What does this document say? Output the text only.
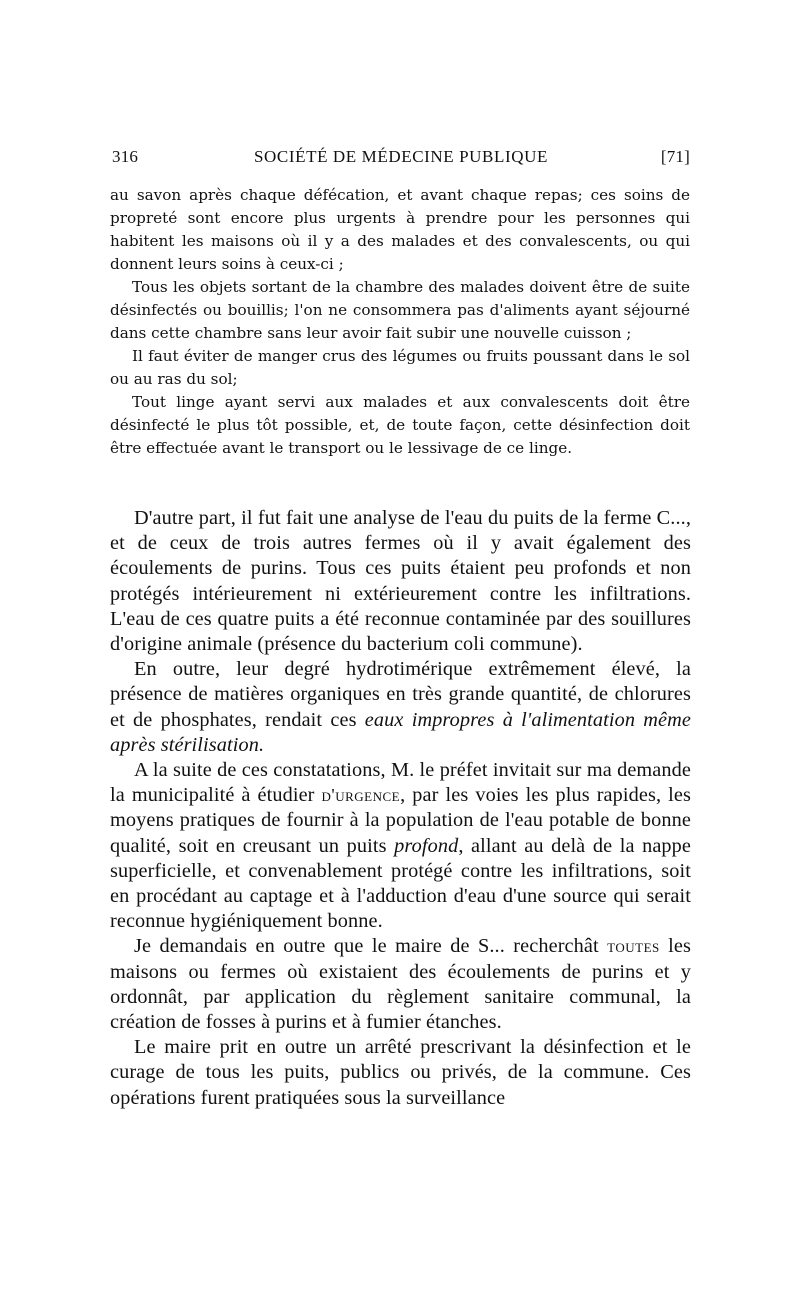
316	SOCIÉTÉ DE MÉDECINE PUBLIQUE	[71]

au savon après chaque défécation, et avant chaque repas; ces soins de propreté sont encore plus urgents à prendre pour les personnes qui habitent les maisons où il y a des malades et des convalescents, ou qui donnent leurs soins à ceux-ci ;

Tous les objets sortant de la chambre des malades doivent être de suite désinfectés ou bouillis; l'on ne consommera pas d'aliments ayant séjourné dans cette chambre sans leur avoir fait subir une nouvelle cuisson ;

Il faut éviter de manger crus des légumes ou fruits poussant dans le sol ou au ras du sol;

Tout linge ayant servi aux malades et aux convalescents doit être désinfecté le plus tôt possible, et, de toute façon, cette désinfection doit être effectuée avant le transport ou le lessivage de ce linge.

D'autre part, il fut fait une analyse de l'eau du puits de la ferme C..., et de ceux de trois autres fermes où il y avait également des écoulements de purins. Tous ces puits étaient peu profonds et non protégés intérieurement ni extérieurement contre les infiltrations. L'eau de ces quatre puits a été reconnue contaminée par des souillures d'origine animale (présence du bacterium coli commune).

En outre, leur degré hydrotimérique extrêmement élevé, la présence de matières organiques en très grande quantité, de chlorures et de phosphates, rendait ces eaux impropres à l'alimentation même après stérilisation.

A la suite de ces constatations, M. le préfet invitait sur ma demande la municipalité à étudier d'urgence, par les voies les plus rapides, les moyens pratiques de fournir à la population de l'eau potable de bonne qualité, soit en creusant un puits profond, allant au delà de la nappe superficielle, et convenablement protégé contre les infiltrations, soit en procédant au captage et à l'adduction d'eau d'une source qui serait reconnue hygiéniquement bonne.

Je demandais en outre que le maire de S... recherchât toutes les maisons ou fermes où existaient des écoulements de purins et y ordonnât, par application du règlement sanitaire communal, la création de fosses à purins et à fumier étanches.

Le maire prit en outre un arrêté prescrivant la désinfection et le curage de tous les puits, publics ou privés, de la commune. Ces opérations furent pratiquées sous la surveillance
